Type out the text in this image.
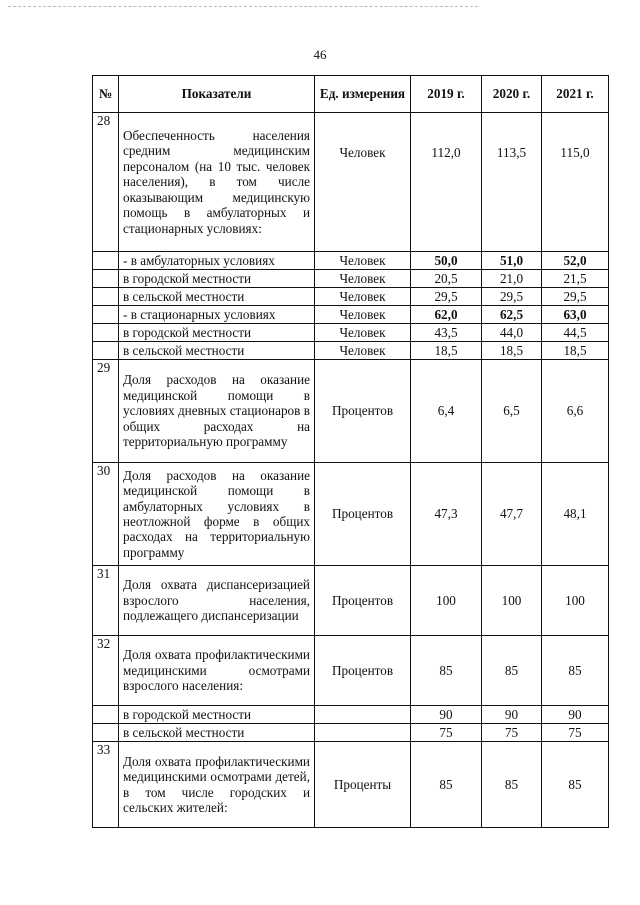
46
№	Показатели	Ед. измерения	2019 г.	2020 г.	2021 г.
28	Обеспеченность населения средним медицинским персоналом (на 10 тыс. человек населения), в том числе оказывающим медицинскую помощь в амбулаторных и стационарных условиях:	Человек	112,0	113,5	115,0
	- в амбулаторных условиях	Человек	50,0	51,0	52,0
	в городской местности	Человек	20,5	21,0	21,5
	в сельской местности	Человек	29,5	29,5	29,5
	- в стационарных условиях	Человек	62,0	62,5	63,0
	в городской местности	Человек	43,5	44,0	44,5
	в сельской местности	Человек	18,5	18,5	18,5
29	Доля расходов на оказание медицинской помощи в условиях дневных стационаров в общих расходах на территориальную программу	Процентов	6,4	6,5	6,6
30	Доля расходов на оказание медицинской помощи в амбулаторных условиях в неотложной форме в общих расходах на территориальную программу	Процентов	47,3	47,7	48,1
31	Доля охвата диспансеризацией взрослого населения, подлежащего диспансеризации	Процентов	100	100	100
32	Доля охвата профилактическими медицинскими осмотрами взрослого населения:	Процентов	85	85	85
	в городской местности		90	90	90
	в сельской местности		75	75	75
33	Доля охвата профилактическими медицинскими осмотрами детей, в том числе городских и сельских жителей:	Проценты	85	85	85
